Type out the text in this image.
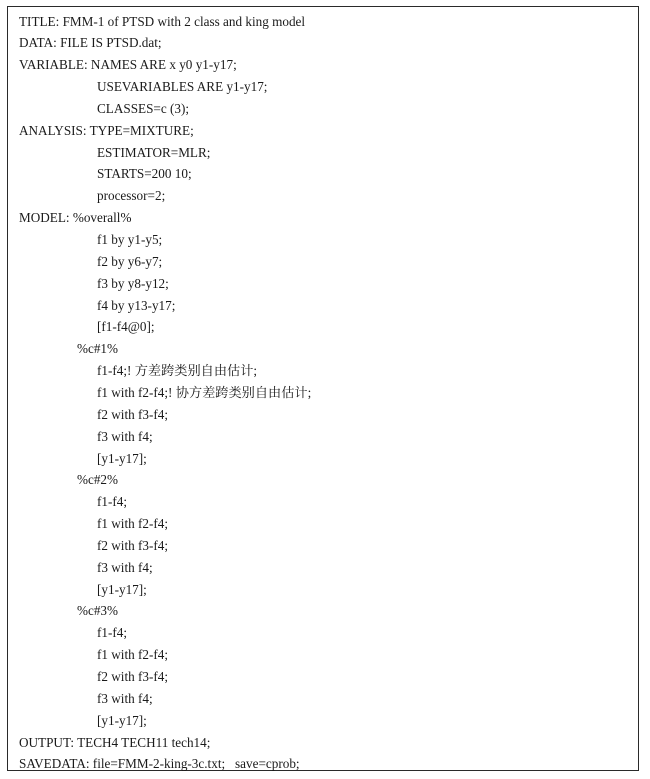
TITLE: FMM-1 of PTSD with 2 class and king model
DATA: FILE IS PTSD.dat;
VARIABLE: NAMES ARE x y0 y1-y17;
USEVARIABLES ARE y1-y17;
CLASSES=c (3);
ANALYSIS: TYPE=MIXTURE;
ESTIMATOR=MLR;
STARTS=200 10;
processor=2;
MODEL: %overall%
f1 by y1-y5;
f2 by y6-y7;
f3 by y8-y12;
f4 by y13-y17;
[f1-f4@0];
%c#1%
f1-f4;! 方差跨类别自由估计;
f1 with f2-f4;! 协方差跨类别自由估计;
f2 with f3-f4;
f3 with f4;
[y1-y17];
%c#2%
f1-f4;
f1 with f2-f4;
f2 with f3-f4;
f3 with f4;
[y1-y17];
%c#3%
f1-f4;
f1 with f2-f4;
f2 with f3-f4;
f3 with f4;
[y1-y17];
OUTPUT: TECH4 TECH11 tech14;
SAVEDATA: file=FMM-2-king-3c.txt;   save=cprob;
